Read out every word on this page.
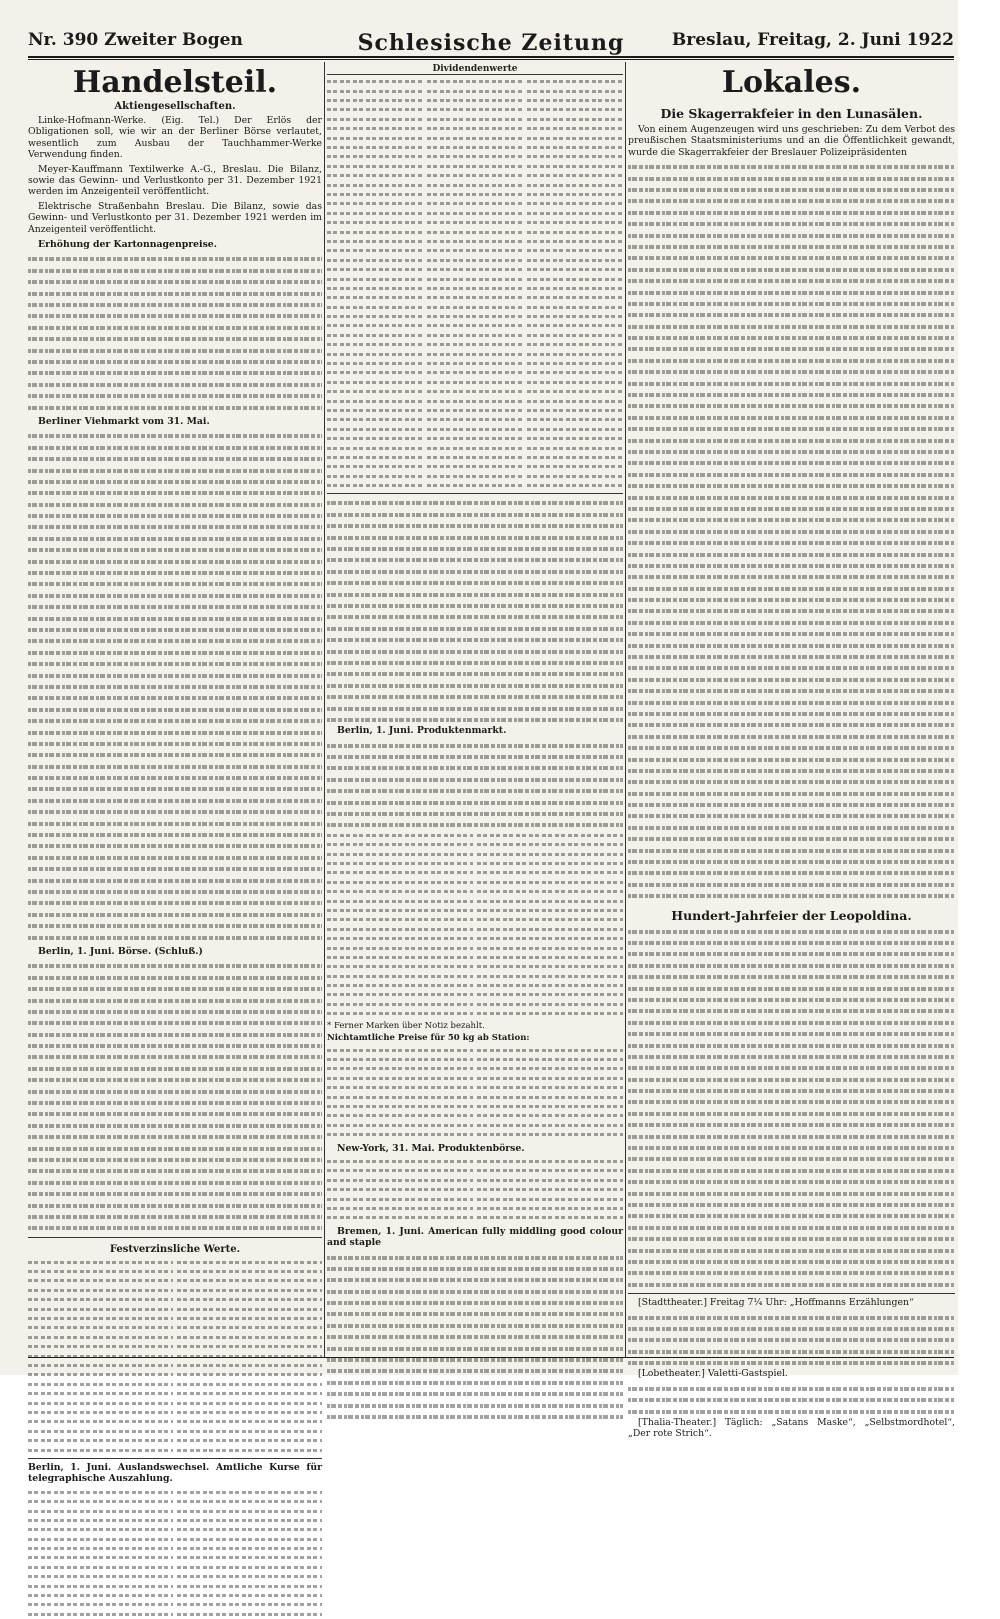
Nr. 390 Zweiter Bogen	Schlesische Zeitung	Breslau, Freitag, 2. Juni 1922
Handelsteil.
Aktiengesellschaften.

Linke-Hofmann-Werke. (Eig. Tel.) Der Erlös der Obligationen soll, wie wir an der Berliner Börse verlautet, wesentlich zum Ausbau der Tauchhammer-Werke Verwendung finden.

Meyer-Kauffmann Textilwerke A.-G., Breslau. Die Bilanz, sowie das Gewinn- und Verlustkonto per 31. Dezember 1921 werden im Anzeigenteil veröffentlicht.

Elektrische Straßenbahn Breslau. Die Bilanz, sowie das Gewinn- und Verlustkonto per 31. Dezember 1921 werden im Anzeigenteil veröffentlicht.

Erhöhung der Kartonnagenpreise.

Berliner Viehmarkt vom 31. Mai.

Berlin, 1. Juni. Börse. (Schluß.)

Festverzinsliche Werte.

Berlin, 1. Juni. Auslandswechsel. Amtliche Kurse für telegraphische Auszahlung.

Dividendenwerte

Berlin, 1. Juni. Produktenmarkt.

* Ferner Marken über Notiz bezahlt.
Nichtamtliche Preise für 50 kg ab Station:

New-York, 31. Mai. Produktenbörse.

Bremen, 1. Juni. American fully middling good colour and staple

Lokales.
Die Skagerrakfeier in den Lunasälen.

Von einem Augenzeugen wird uns geschrieben: Zu dem Verbot des preußischen Staatsministeriums und an die Öffentlichkeit gewandt, wurde die Skagerrakfeier der Breslauer Polizeipräsidenten

Hundert-Jahrfeier der Leopoldina.

[Stadttheater.] Freitag 7¼ Uhr: „Hoffmanns Erzählungen“

[Lobetheater.] Valetti-Gastspiel.

[Thalia-Theater.] Täglich: „Satans Maske“, „Selbstmordhotel“, „Der rote Strich“.
